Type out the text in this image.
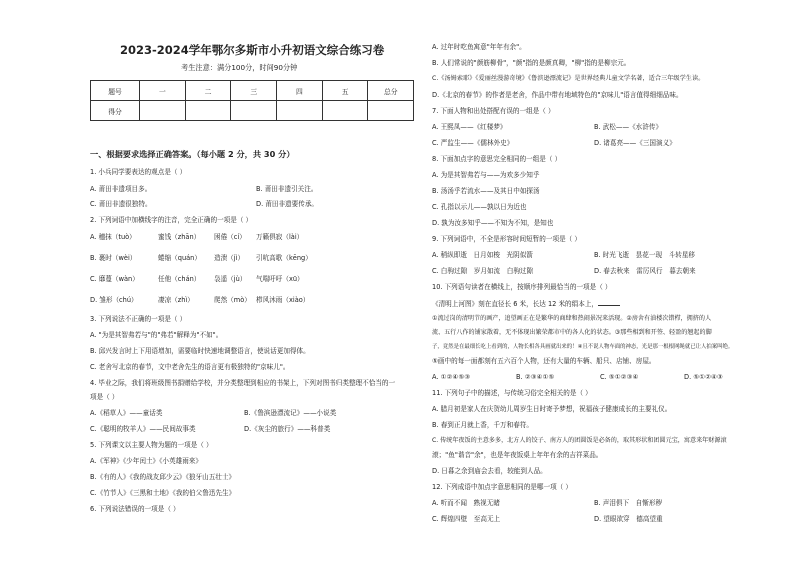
2023-2024学年鄂尔多斯市小升初语文综合练习卷
考生注意：满分100分，时间90分钟
题号	一	二	三	四	五	总分
得分						
一、根据要求选择正确答案。（每小题 2 分，共 30 分）
1. 小兵同学要表达的观点是（ ）
A. 莆田非遗项目多。	B. 莆田非遗引关注。
C. 莆田非遗很独特。	D. 莆田非遗要传承。
2. 下列词语中加横线字的注音，完全正确的一项是（ ）
A. 穗抹（tuò）	蜜饯（zhān） 困倦（cí） 万籁俱寂（lài）
B. 裹时（wèi）	蜷缩（quán） 造溃（jì） 引吭高歌（kēng）
C. 靡蔓（wàn）	任他（chán） 袅遥（jù） 气喘吁吁（xū）
D. 雏形（chú）	凄凉（zhì）	爬然（mò） 栉风沐雨（xiào）
3. 下列说法不正确的一项是（ ）
A. "为是其智弗若与"的"弗若"解释为"不如"。
B. 邱兴发言时上下用语增加，需要临时快速地调整语言，使说话更加得体。
C. 老舍写北京的春节，文中老舍先生的语言更有极独特的"京味儿"。
4. 毕业之际，我们将班级图书捐赠给学校，并分类整理到相应的书架上，下列对图书归类整理不恰当的一
项是（ ）
A.《稻草人》——童话类	B.《鲁滨逊漂流记》——小说类
C.《聪明的牧羊人》——民间故事类	D.《灰尘的旅行》——科普类
5. 下列课文以主要人物为题的一项是（ ）
A.《军神》《少年闰土》《小英雄雨来》
B.《有的人》《我的战友邱少云》《狼牙山五壮士》
C.《竹节人》《三黑和土地》《我的伯父鲁迅先生》
6. 下列说法错误的一项是（ ）
A. 过年时吃鱼寓意"年年有余"。
B. 人们常说的"颜筋柳骨"，"颜"指的是颜真卿，"柳"指的是柳宗元。
C.《汤姆索耶》《爱丽丝漫游奇境》《鲁滨逊漂流记》是世界经典儿童文学名著，适合三年级学生读。
D.《北京的春节》的作者是老舍，作品中带有地域特色的"京味儿"语言值得细细品味。
7. 下面人物和出处搭配有误的一组是（ ）
A. 王熙凤——《红楼梦》	B. 武松——《水浒传》
C. 严监生——《儒林外史》	D. 诸葛亮——《三国演义》
8. 下面加点字的意思完全相同的一组是（ ）
A. 为是其智弗若与——为欢多少知乎
B. 汤汤乎若流水——及其日中如探汤
C. 孔指以示儿——孰以日为近也
D. 孰为汝多知乎——不知为不知，是知也
9. 下列词语中，不全是形容时间短暂的一项是（ ）
A. 稍纵即逝　日月如梭　光阴似箭	B. 时光飞逝　昙花一现　斗转星移
C. 白驹过隙　岁月如流　白驹过隙	D. 春去秋来　雷厉风行　暮去朝来
10. 下列语句读者在横线上，按顺序排列最恰当的一项是（ ）
《清明上河图》刻在直径长 6 米，长达 12 米的绢本上，
①流过岗的清明节的画产，追望画正在是繁华的商肆和热闹景况来活现。②房舍有油楼次错栉，拥挤的人
流、五行八作的铺家散着，无不体现出繁荣都市中的各人化的状态。③那些相到和开签、轻盈的翘起的脚
子，竟然是在最细长吃上看到的，人物长相各具画就出来的！④且不说人物车面的神态，光是那一根根网绳就已让人拍案叫绝。
⑤画中的每一面都刻有五六百个人物，还有大量的车辆、船只、店铺、房屋。
A. ①②④⑤③	B. ②③④①⑤	C. ⑤①②③④	D. ⑤①②④③
11. 下列句子中的描述，与传统习俗完全相关的是（ ）
A. 腊月初是家人在庆贺幼儿周岁生日时寄予梦想，祝福孩子健康成长的主要礼仪。
B. 春到正月就上香，千万和春符。
C. 传统年夜饭的主意多多，北方人的饺子、南方人的团圆饭是必备的，取其形状和团圆元宝，寓意来年财源滚
滚；"鱼"谐音"余"，也是年夜饭桌上年年有余的吉祥菜品。
D. 日暮之余到庙会去看，较能到人品。
12. 下列成语中加点字意思相同的是哪一项（ ）
A. 听而不闻　熟视无睹	B. 声泪俱下　自惭形秽
C. 辉煌四壁　至高无上	D. 望眼欲穿　德高望重
